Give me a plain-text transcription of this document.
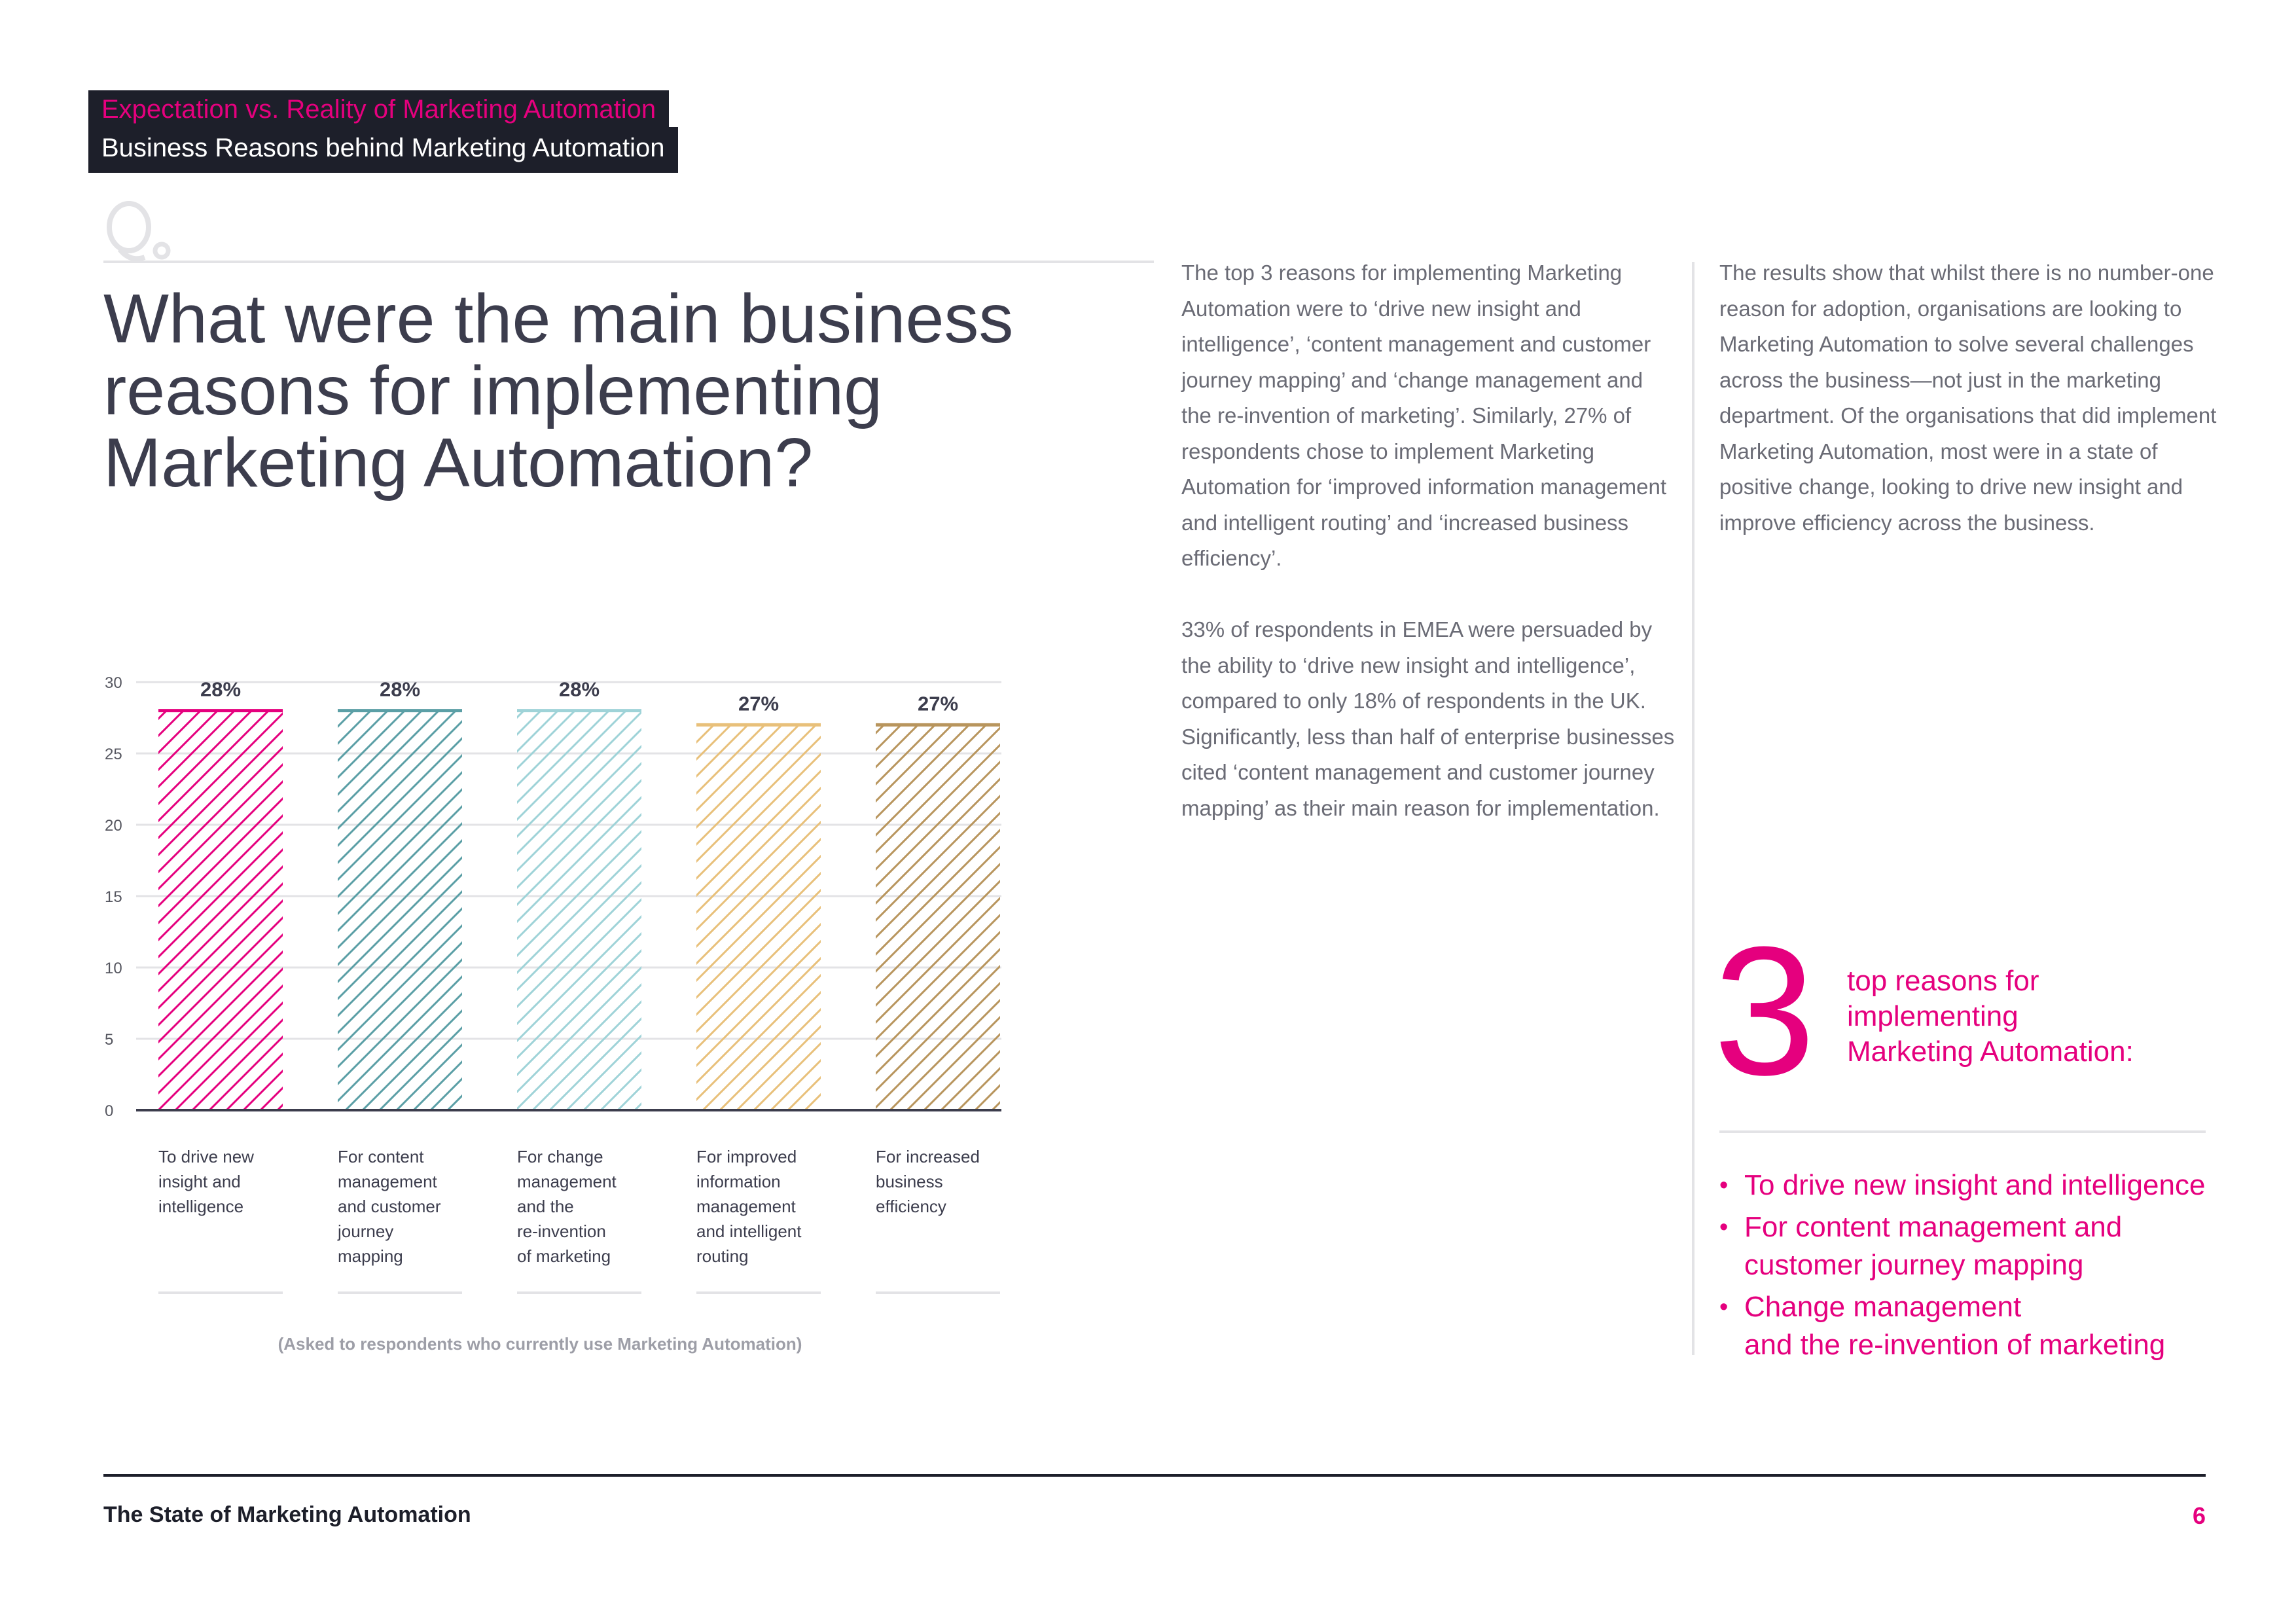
Expectation vs. Reality of Marketing Automation
Business Reasons behind Marketing Automation
What were the main business reasons for implementing Marketing Automation?

The top 3 reasons for implementing Marketing Automation were to ‘drive new insight and intelligence’, ‘content management and customer journey mapping’ and ‘change management and the re-invention of marketing’. Similarly, 27% of respondents chose to implement Marketing Automation for ‘improved information management and intelligent routing’ and ‘increased business efficiency’.

33% of respondents in EMEA were persuaded by the ability to ‘drive new insight and intelligence’, compared to only 18% of respondents in the UK. Significantly, less than half of enterprise businesses cited ‘content management and customer journey mapping’ as their main reason for implementation.

The results show that whilst there is no number-one reason for adoption, organisations are looking to Marketing Automation to solve several challenges across the business—not just in the marketing department. Of the organisations that did implement Marketing Automation, most were in a state of positive change, looking to drive new insight and improve efficiency across the business.

3 top reasons for
implementing
Marketing Automation:

• To drive new insight and intelligence
• For content management and
customer journey mapping
• Change management
and the re-invention of marketing
0
5
10
15
20
25
30	28%
To drive new
insight and
intelligence
28%
For content
management
and customer
journey
mapping
28%
For change
management
and the
re-invention
of marketing
27%
For improved
information
management
and intelligent
routing
27%
For increased
business
efficiency

(Asked to respondents who currently use Marketing Automation)

The State of Marketing Automation	6
